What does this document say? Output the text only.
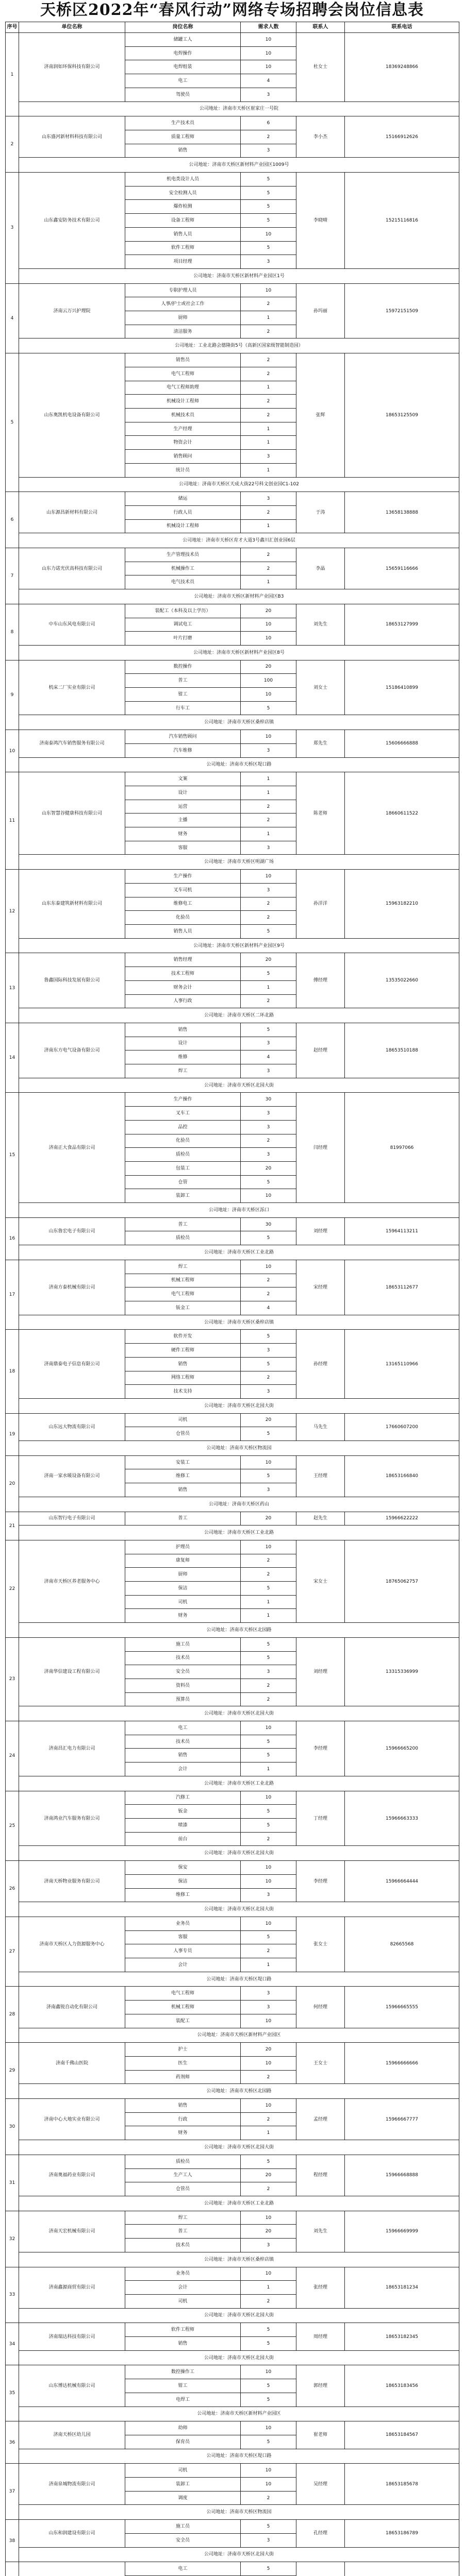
天桥区2022年“春风行动”网络专场招聘会岗位信息表
序号	单位名称	岗位名称	需求人数	联系人	联系电话
1	济南润如环保科技有限公司	储罐工人	10	杜女士	18369248866
		电焊操作	10		
		电焊组装	10		
		电工	4		
		驾驶员	3		
	公司地址：济南市天桥区崔家庄一号院				
2	山东盛河新材料科技有限公司	生产技术员	6	李小杰	15166912626
		质量工程师	2		
		销售	3		
	公司地址：济南市天桥区新材料产业园区1009号				
3	山东鑫安防务技术有限公司	机电类设计人员	5	李晓晴	15215116816
		安全检测人员	5		
		爆炸检测	5		
		设备工程师	5		
		销售人员	10		
		软件工程师	5		
		项目经理	3		
	公司地址：济南市天桥区新材料产业园区1号				
4	济南云万兴护理院	专职护理人员	10	孙玛丽	15972151509
		人事/护士或社会工作	2		
		厨师	1		
		清洁服务	2		
	公司地址：工业北路会德隆街5号（高新区国家级智能制造园）				
5	山东奥凯机电设备有限公司	销售员	2	张辉	18653125509
		电气工程师	2		
		电气工程师助理	1		
		机械设计工程师	2		
		机械技术员	2		
		生产经理	1		
		物资会计	1		
		销售顾问	3		
		统计员	1		
	公司地址：济南市天桥区天成大街22号科文创业园C1-102				
6	山东源昌新材料有限公司	储运	3	于涛	13658138888
		行政人员	2		
		机械设计工程师	1		
	公司地址：济南市天桥区育才大道3号鑫川汇创业园6层				
7	山东力诺光伏高科技有限公司	生产管理技术员	2	李晶	15659116666
		机械操作工	2		
		电气技术员	1		
	公司地址：济南市天桥区新材料产业园区B3				
8	中车山东风电有限公司	装配工（本科及以上学历）	20	刘先生	18653127999
		调试电工	10		
		叶片打磨	10		
	公司地址：济南市天桥区新材料产业园区8号				
9	机床二厂实业有限公司	数控操作	20	刘女士	15186410899
		普工	100		
		钳工	10		
		行车工	5		
	公司地址：济南市天桥区桑梓店镇				
10	济南泰鸿汽车销售服务有限公司	汽车销售顾问	10	郑先生	15606666888
		汽车维修	3		
	公司地址：济南市天桥区堤口路				
11	山东智慧谷健康科技有限公司	文案	1	陈老师	18660611522
		设计	1		
		运营	2		
		主播	2		
		财务	1		
		客服	3		
	公司地址：济南市天桥区明湖广场				
12	山东东泰建筑新材料有限公司	生产操作	10	孙洋洋	15963182210
		叉车司机	3		
		维修电工	2		
		化验员	2		
		销售人员	5		
	公司地址：济南市天桥区新材料产业园区9号				
13	鲁鑫国际科技发展有限公司	销售经理	20	傅经理	13535022660
		技术工程师	5		
		财务会计	1		
		人事行政	2		
	公司地址：济南市天桥区二环北路				
14	济南东方电气设备有限公司	销售	5	赵经理	18653510188
		设计	3		
		维修	4		
		焊工	3		
	公司地址：济南市天桥区北园大街				
15	济南正大食品有限公司	生产操作	30	闫经理	81997066
		叉车工	3		
		品控	3		
		化验员	2		
		质检员	3		
		包装工	20		
		仓管	5		
		装卸工	10		
	公司地址：济南市天桥区泺口				
16	山东鲁宏电子有限公司	普工	30	刘经理	15964113211
		质检员	5		
	公司地址：济南市天桥区工业北路				
17	济南方泰机械有限公司	焊工	10	宋经理	18653112677
		机械工程师	2		
		电气工程师	2		
		钣金工	4		
	公司地址：济南市天桥区桑梓店镇				
18	济南鼎泰电子信息有限公司	软件开发	5	孙经理	13165110966
		硬件工程师	3		
		销售	5		
		网络工程师	2		
		技术支持	3		
	公司地址：济南市天桥区北园大街				
19	山东远大物流有限公司	司机	20	马先生	17660607200
		仓管员	5		
	公司地址：济南市天桥区物流园				
20	济南一家水暖设备有限公司	安装工	10	王经理	18653166840
		维修工	5		
		销售	3		
	公司地址：济南市天桥区药山				
21	山东智行电子有限公司	普工	20	赵先生	15966622222
	公司地址：济南市天桥区工业北路				
22	济南市天桥区养老服务中心	护理员	10	宋女士	18765062757
		康复师	2		
		厨师	2		
		保洁	5		
		司机	1		
		财务	1		
	公司地址：济南市天桥区北园路				
23	济南华信建设工程有限公司	施工员	5	刘经理	13315336999
		技术员	5		
		安全员	3		
		资料员	2		
		预算员	2		
	公司地址：济南市天桥区北园大街				
24	济南昌汇电力有限公司	电工	10	李经理	15966665200
		技术员	5		
		销售	5		
		会计	1		
	公司地址：济南市天桥区工业北路				
25	济南鸿业汽车服务有限公司	汽修工	10	丁经理	15966663333
		钣金	5		
		喷漆	5		
		前台	2		
	公司地址：济南市天桥区北园大街				
26	济南天桥物业服务有限公司	保安	10	李经理	15966664444
		保洁	10		
		维修工	3		
	公司地址：济南市天桥区北园大街				
27	济南市天桥区人力资源服务中心	业务员	10	张女士	82665568
		客服	5		
		人事专员	2		
		会计	1		
	公司地址：济南市天桥区堤口路				
28	济南鑫锐自动化有限公司	电气工程师	3	何经理	15966665555
		机械工程师	3		
		装配工	10		
	公司地址：济南市天桥区新材料产业园区				
29	济南千佛山医院	护士	20	王女士	15966666666
		医生	10		
		药剂师	2		
	公司地址：济南市天桥区北园路				
30	济南中心大地实业有限公司	销售	10	孟经理	15966667777
		行政	2		
		财务	1		
	公司地址：济南市天桥区北园大街				
31	济南奥福药业有限公司	质检员	5	程经理	15966668888
		生产工人	20		
		仓管员	2		
	公司地址：济南市天桥区工业北路				
32	济南天宏机械有限公司	焊工	10	刘先生	15966669999
		普工	20		
		技术员	3		
	公司地址：济南市天桥区桑梓店镇				
33	济南鑫源商贸有限公司	业务员	10	张经理	18653181234
		会计	1		
		司机	2		
	公司地址：济南市天桥区北园大街				
34	济南瑞达科技有限公司	软件工程师	5	周经理	18653182345
		销售	5		
	公司地址：济南市天桥区北园大街				
35	山东博达机械有限公司	数控操作工	10	郭经理	18653183456
		钳工	5		
		电焊工	5		
	公司地址：济南市天桥区新材料产业园区				
36	济南天桥区幼儿园	幼师	10	崔老师	18653184567
		保育员	5		
	公司地址：济南市天桥区堤口路				
37	济南泉城物流有限公司	司机	10	吴经理	18653185678
		装卸工	10		
		调度	2		
	公司地址：济南市天桥区物流园				
38	山东和润建设有限公司	施工员	5	孔经理	18653186789
		安全员	3		
	公司地址：济南市天桥区北园大街				
		电工	5		
